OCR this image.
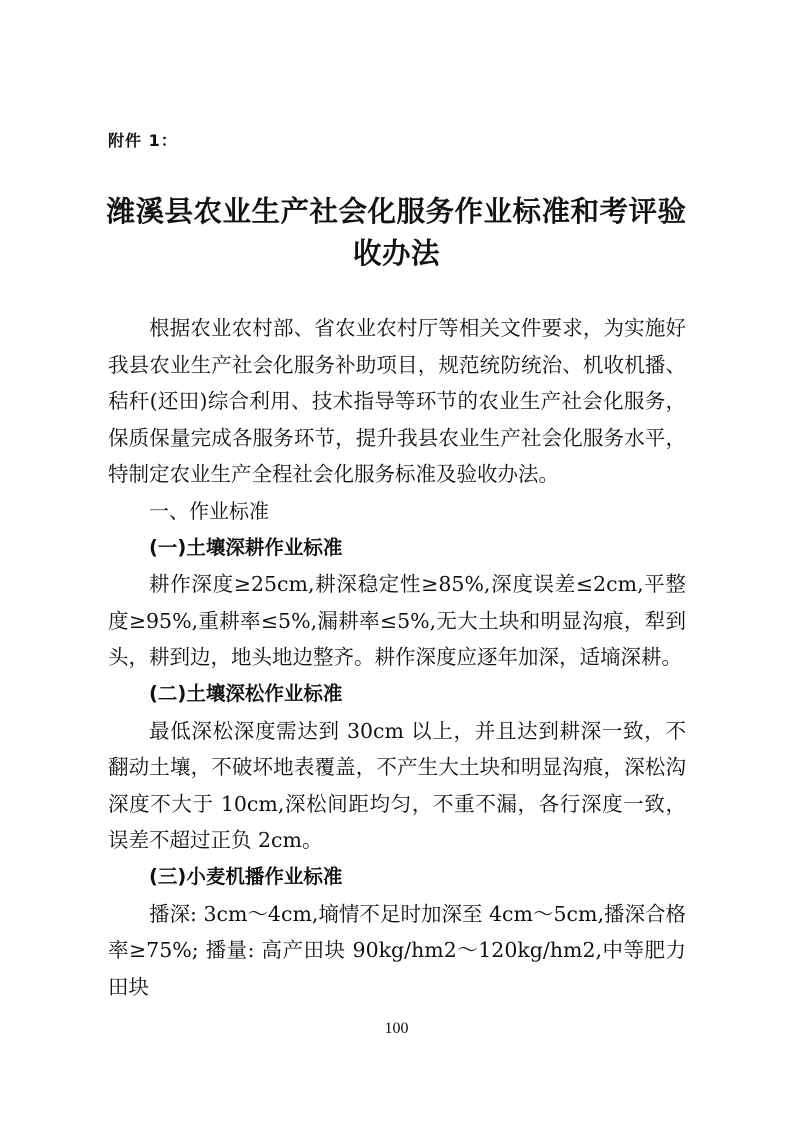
附件 1：
潍溪县农业生产社会化服务作业标准和考评验收办法

根据农业农村部、省农业农村厅等相关文件要求，为实施好我县农业生产社会化服务补助项目，规范统防统治、机收机播、秸秆(还田)综合利用、技术指导等环节的农业生产社会化服务，保质保量完成各服务环节，提升我县农业生产社会化服务水平，特制定农业生产全程社会化服务标准及验收办法。

一、作业标准

(一)土壤深耕作业标准

耕作深度≥25cm,耕深稳定性≥85%,深度误差≤2cm,平整度≥95%,重耕率≤5%,漏耕率≤5%,无大土块和明显沟痕，犁到头，耕到边，地头地边整齐。耕作深度应逐年加深，适墒深耕。

(二)土壤深松作业标准

最低深松深度需达到 30cm 以上，并且达到耕深一致，不翻动土壤，不破坏地表覆盖，不产生大土块和明显沟痕，深松沟深度不大于 10cm,深松间距均匀，不重不漏，各行深度一致，误差不超过正负 2cm。

(三)小麦机播作业标准

播深: 3cm～4cm,墒情不足时加深至 4cm～5cm,播深合格率≥75%; 播量: 高产田块 90kg/hm2～120kg/hm2,中等肥力田块

100
